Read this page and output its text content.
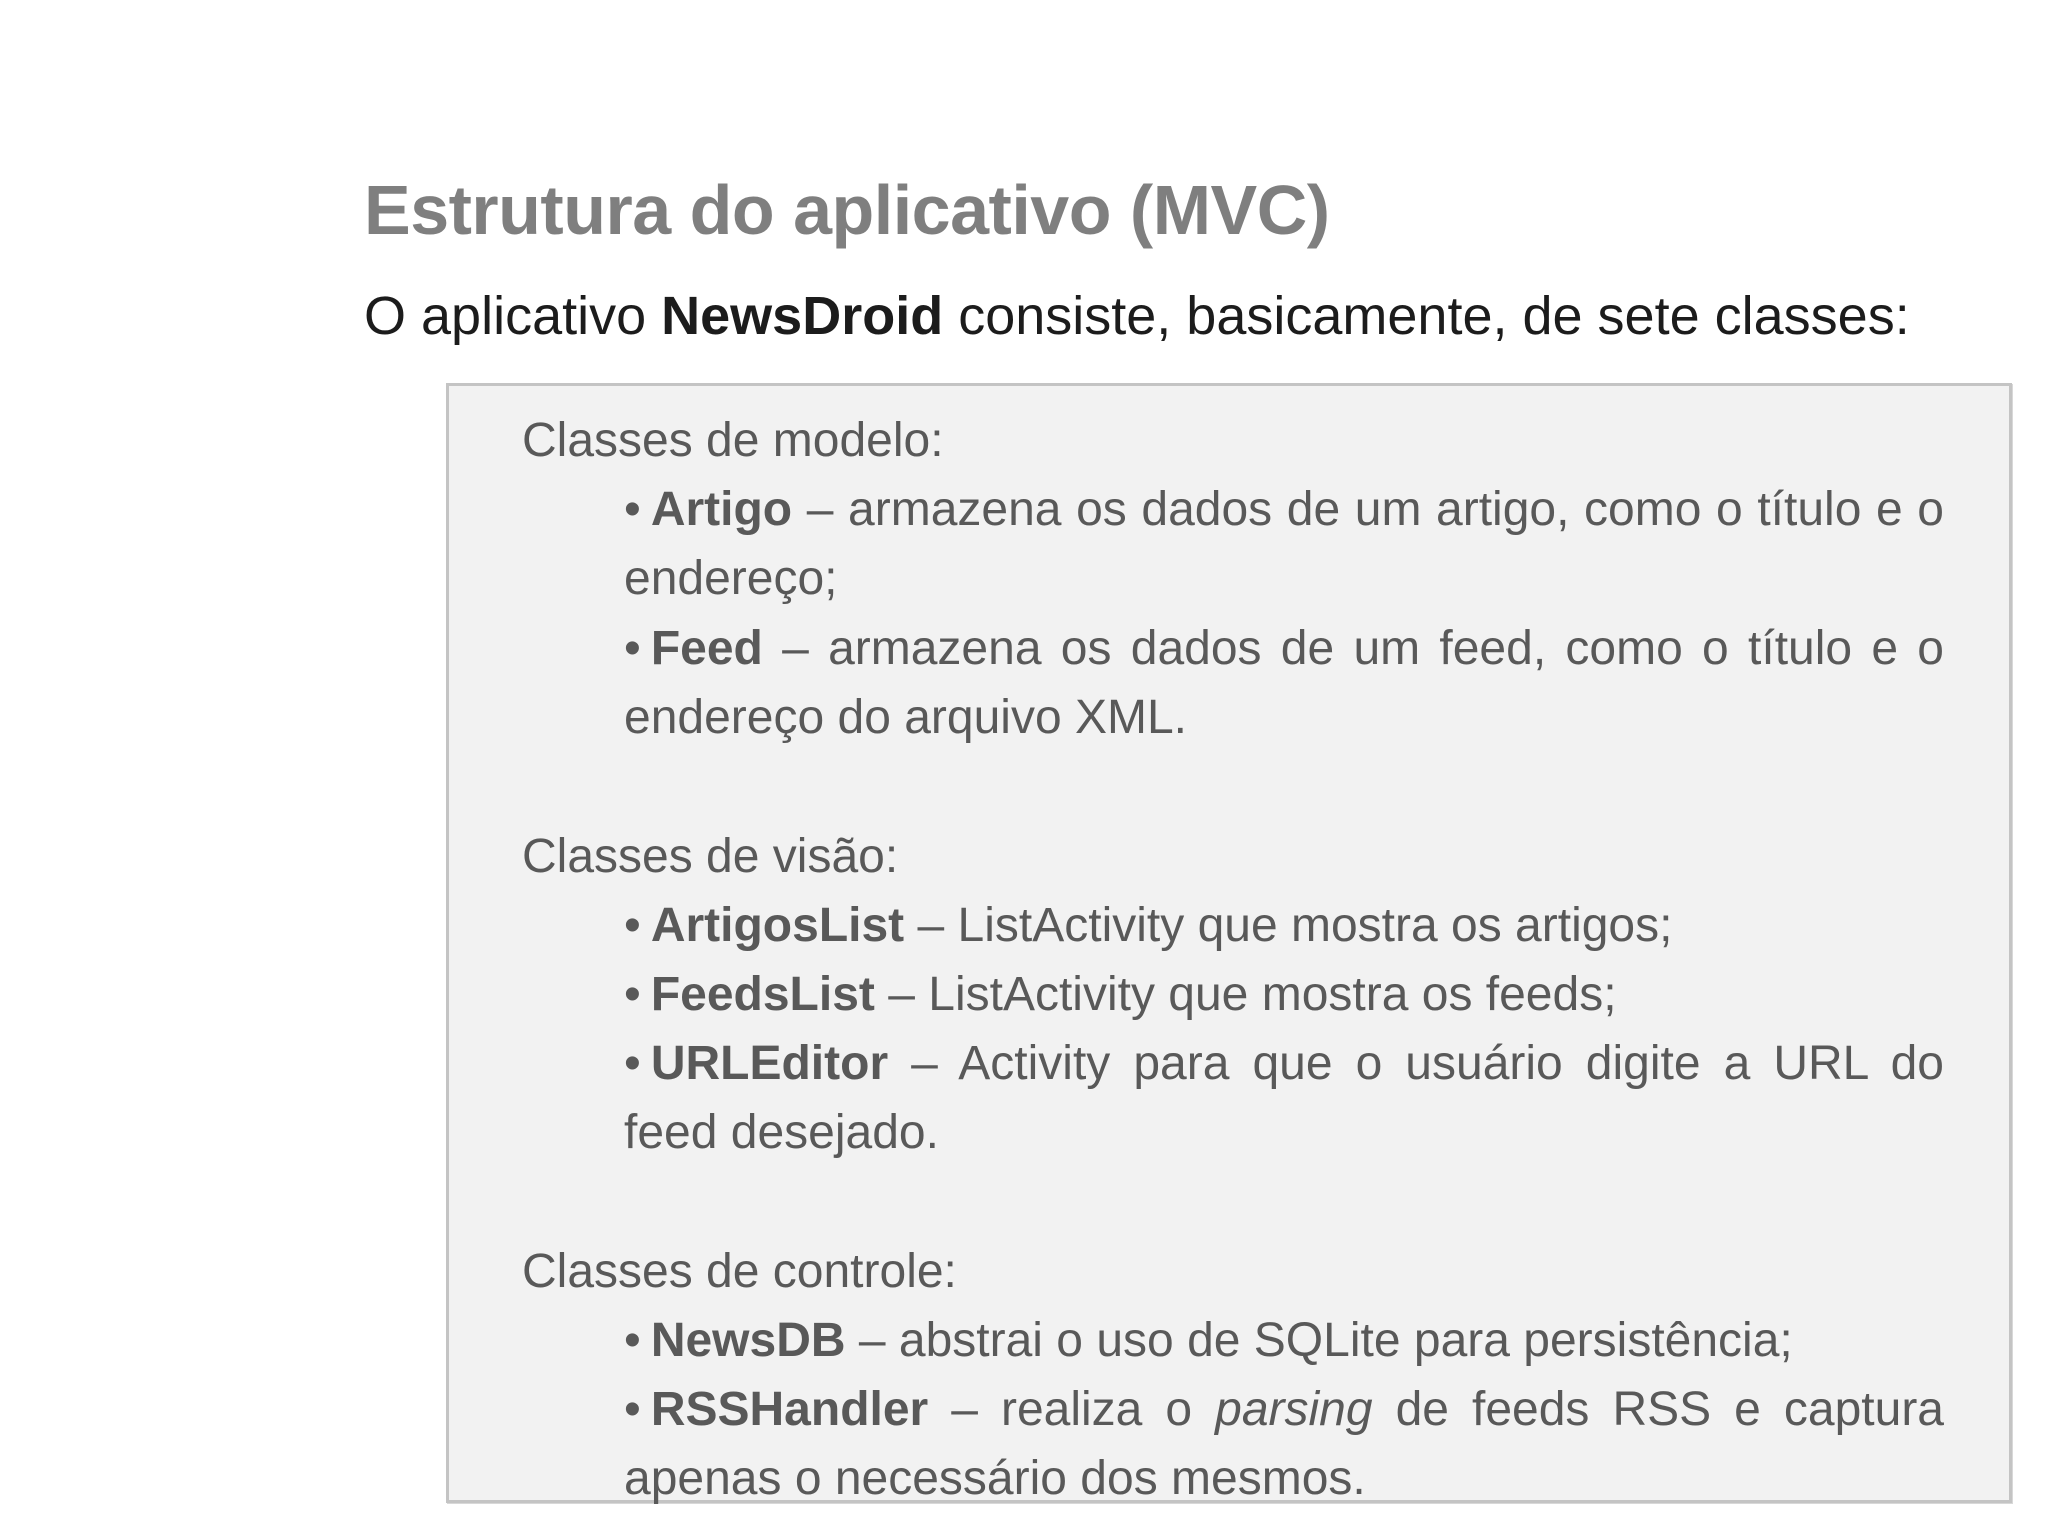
Estrutura do aplicativo (MVC)

O aplicativo NewsDroid consiste, basicamente, de sete classes:

Classes de modelo:

• Artigo – armazena os dados de um artigo, como o título e o endereço;

• Feed – armazena os dados de um feed, como o título e o endereço do arquivo XML.

Classes de visão:

• ArtigosList – ListActivity que mostra os artigos;

• FeedsList – ListActivity que mostra os feeds;

• URLEditor – Activity para que o usuário digite a URL do feed desejado.

Classes de controle:

• NewsDB – abstrai o uso de SQLite para persistência;

• RSSHandler – realiza o parsing de feeds RSS e captura apenas o necessário dos mesmos.
